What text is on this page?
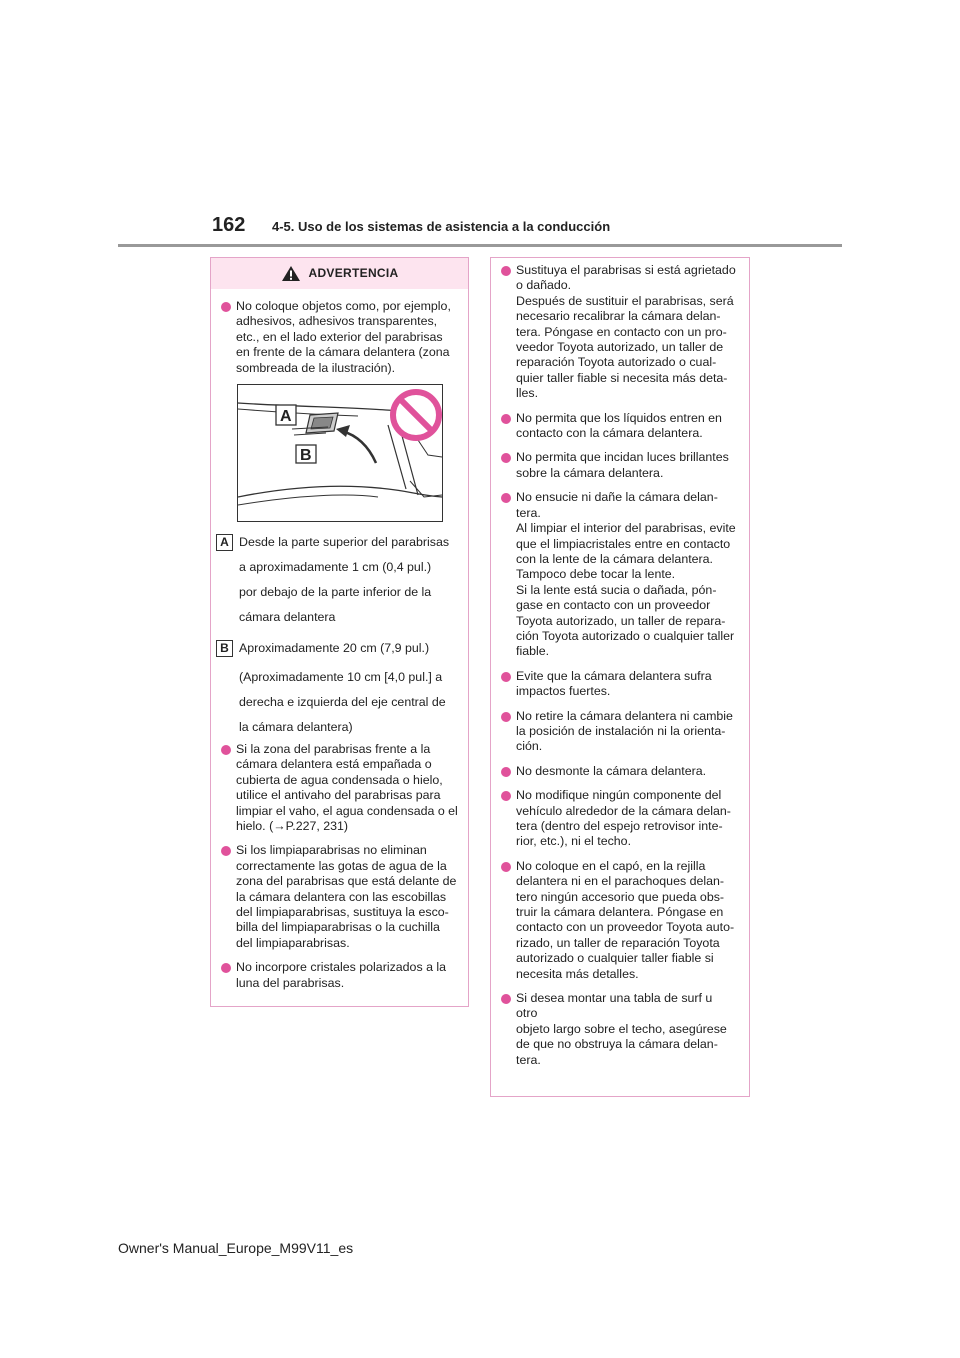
162 4-5. Uso de los sistemas de asistencia a la conducción
ADVERTENCIA
No coloque objetos como, por ejemplo, adhesivos, adhesivos transparentes, etc., en el lado exterior del parabrisas en frente de la cámara delantera (zona sombreada de la ilustración).
A
B
A Desde la parte superior del parabrisas
a aproximadamente 1 cm (0,4 pul.)
por debajo de la parte inferior de la
cámara delantera
B Aproximadamente 20 cm (7,9 pul.)
(Aproximadamente 10 cm [4,0 pul.] a
derecha e izquierda del eje central de
la cámara delantera)
Si la zona del parabrisas frente a la
cámara delantera está empañada o
cubierta de agua condensada o hielo,
utilice el antivaho del parabrisas para
limpiar el vaho, el agua condensada o el
hielo. (→P.227, 231)
Si los limpiaparabrisas no eliminan
correctamente las gotas de agua de la
zona del parabrisas que está delante de
la cámara delantera con las escobillas
del limpiaparabrisas, sustituya la esco-
billa del limpiaparabrisas o la cuchilla
del limpiaparabrisas.
No incorpore cristales polarizados a la
luna del parabrisas.
Sustituya el parabrisas si está agrietado
o dañado.
Después de sustituir el parabrisas, será
necesario recalibrar la cámara delan-
tera. Póngase en contacto con un pro-
veedor Toyota autorizado, un taller de
reparación Toyota autorizado o cual-
quier taller fiable si necesita más deta-
lles.
No permita que los líquidos entren en
contacto con la cámara delantera.
No permita que incidan luces brillantes
sobre la cámara delantera.
No ensucie ni dañe la cámara delan-
tera.
Al limpiar el interior del parabrisas, evite
que el limpiacristales entre en contacto
con la lente de la cámara delantera.
Tampoco debe tocar la lente.
Si la lente está sucia o dañada, pón-
gase en contacto con un proveedor
Toyota autorizado, un taller de repara-
ción Toyota autorizado o cualquier taller
fiable.
Evite que la cámara delantera sufra
impactos fuertes.
No retire la cámara delantera ni cambie
la posición de instalación ni la orienta-
ción.
No desmonte la cámara delantera.
No modifique ningún componente del
vehículo alrededor de la cámara delan-
tera (dentro del espejo retrovisor inte-
rior, etc.), ni el techo.
No coloque en el capó, en la rejilla
delantera ni en el parachoques delan-
tero ningún accesorio que pueda obs-
truir la cámara delantera. Póngase en
contacto con un proveedor Toyota auto-
rizado, un taller de reparación Toyota
autorizado o cualquier taller fiable si
necesita más detalles.
Si desea montar una tabla de surf u otro
objeto largo sobre el techo, asegúrese
de que no obstruya la cámara delan-
tera.
Owner's Manual_Europe_M99V11_es
